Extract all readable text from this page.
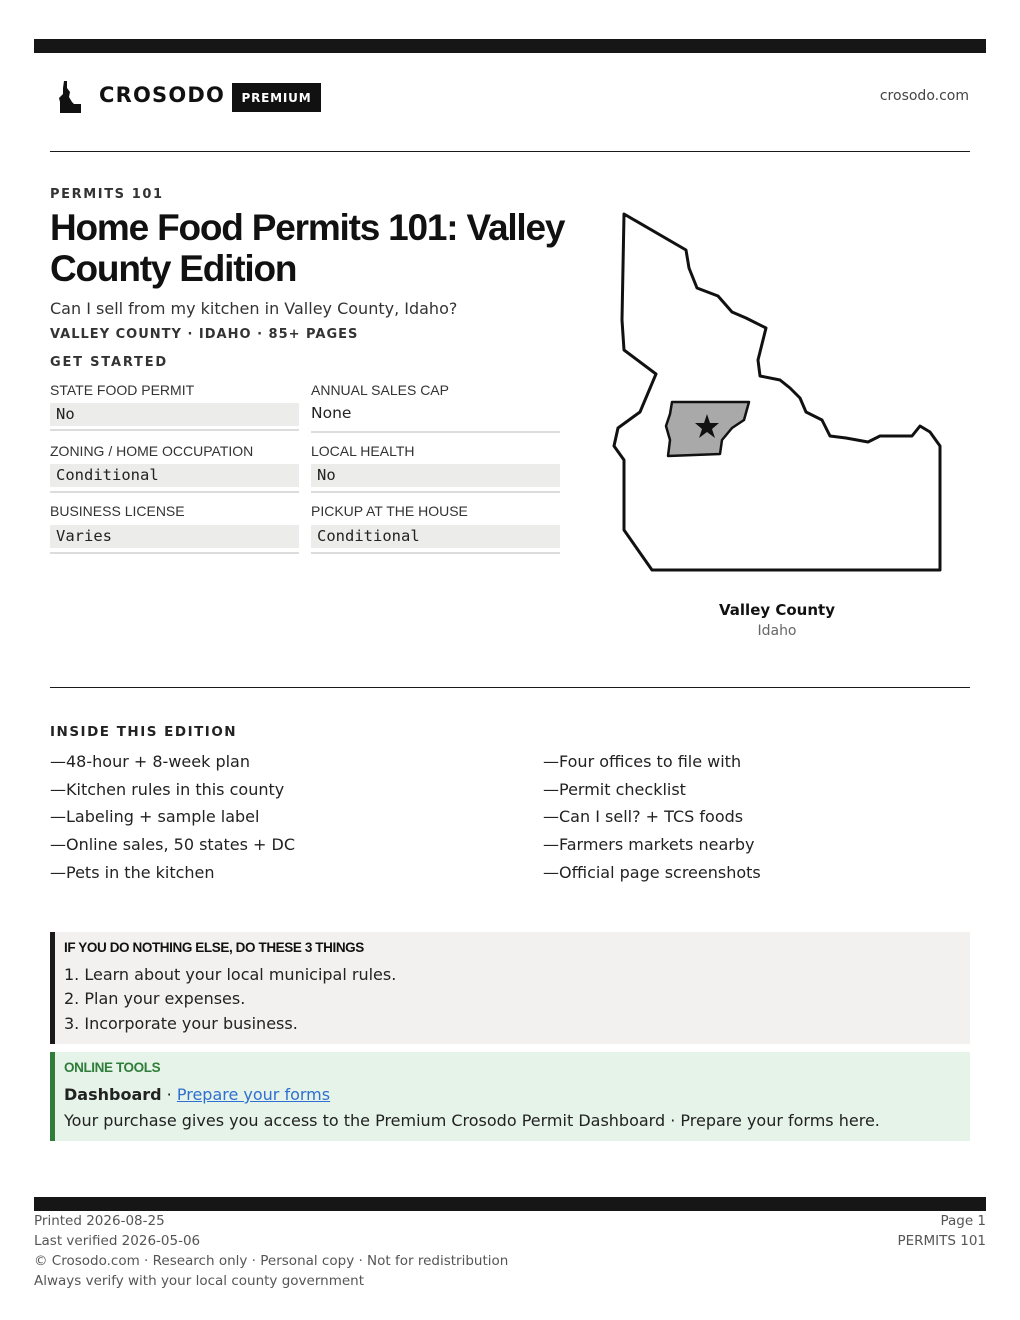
CROSODO	PREMIUM	crosodo.com
PERMITS 101
Home Food Permits 101: Valley County Edition
Can I sell from my kitchen in Valley County, Idaho?
VALLEY COUNTY · IDAHO · 85+ PAGES
GET STARTED
STATE FOOD PERMIT
No
ANNUAL SALES CAP
None
ZONING / HOME OCCUPATION
Conditional
LOCAL HEALTH
No
BUSINESS LICENSE
Varies
PICKUP AT THE HOUSE
Conditional
Valley County
Idaho
INSIDE THIS EDITION
—48-hour + 8-week plan
—Kitchen rules in this county
—Labeling + sample label
—Online sales, 50 states + DC
—Pets in the kitchen
—Four offices to file with
—Permit checklist
—Can I sell? + TCS foods
—Farmers markets nearby
—Official page screenshots
IF YOU DO NOTHING ELSE, DO THESE 3 THINGS
1. Learn about your local municipal rules.
2. Plan your expenses.
3. Incorporate your business.
ONLINE TOOLS
Dashboard · Prepare your forms
Your purchase gives you access to the Premium Crosodo Permit Dashboard · Prepare your forms here.
Printed 2026-08-25
Last verified 2026-05-06
© Crosodo.com · Research only · Personal copy · Not for redistribution
Always verify with your local county government
Page 1
PERMITS 101
